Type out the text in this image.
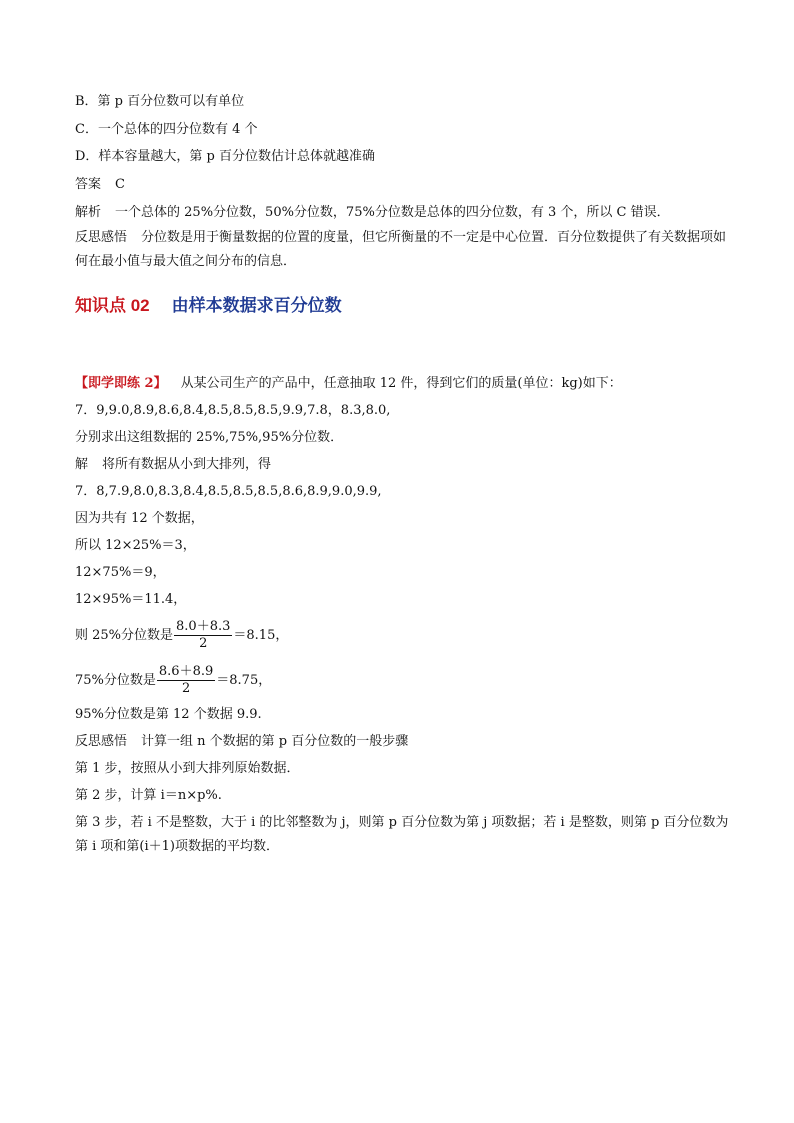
B．第 p 百分位数可以有单位
C．一个总体的四分位数有 4 个
D．样本容量越大，第 p 百分位数估计总体就越准确
答案 C
解析 一个总体的 25%分位数，50%分位数，75%分位数是总体的四分位数，有 3 个，所以 C 错误．
反思感悟 分位数是用于衡量数据的位置的度量，但它所衡量的不一定是中心位置．百分位数提供了有关数据项如何在最小值与最大值之间分布的信息．
知识点 02 由样本数据求百分位数
【即学即练 2】 从某公司生产的产品中，任意抽取 12 件，得到它们的质量(单位：kg)如下：
7．9,9.0,8.9,8.6,8.4,8.5,8.5,8.5,9.9,7.8，8.3,8.0,
分别求出这组数据的 25%,75%,95%分位数．
解 将所有数据从小到大排列，得
7．8,7.9,8.0,8.3,8.4,8.5,8.5,8.5,8.6,8.9,9.0,9.9,
因为共有 12 个数据，
所以 12×25%＝3，
12×75%＝9，
12×95%＝11.4，
则 25%分位数是 $\frac{8.0+8.3}{2} =8.15$，
75%分位数是 $\frac{8.6+8.9}{2} =8.75$，
95%分位数是第 12 个数据 9.9.
反思感悟 计算一组 n 个数据的第 p 百分位数的一般步骤
第 1 步，按照从小到大排列原始数据．
第 2 步，计算 i＝n×p%.
第 3 步，若 i 不是整数，大于 i 的比邻整数为 j，则第 p 百分位数为第 j 项数据；若 i 是整数，则第 p 百分位数为第 i 项和第(i＋1)项数据的平均数．
